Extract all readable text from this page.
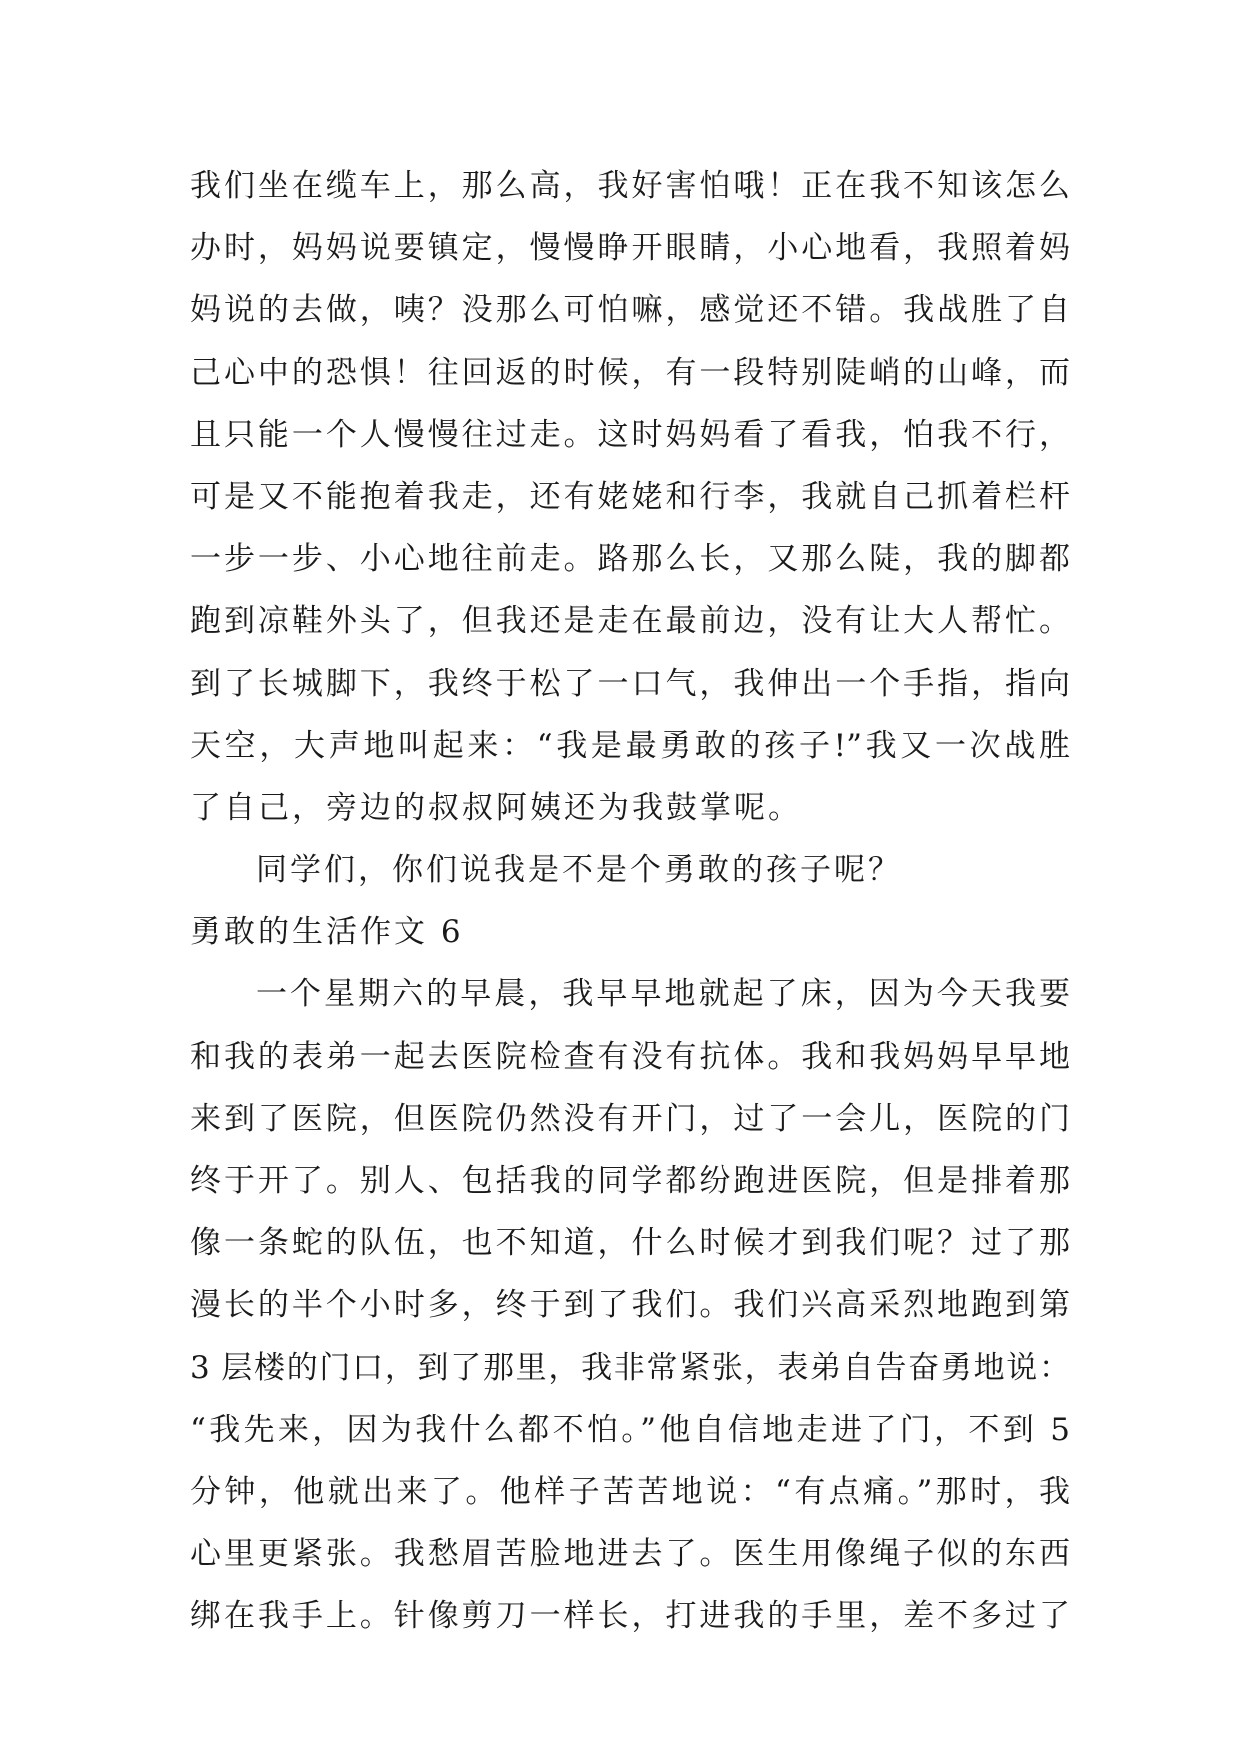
我们坐在缆车上，那么高，我好害怕哦！正在我不知该怎么
办时，妈妈说要镇定，慢慢睁开眼睛，小心地看，我照着妈
妈说的去做，咦？没那么可怕嘛，感觉还不错。我战胜了自
己心中的恐惧！往回返的时候，有一段特别陡峭的山峰，而
且只能一个人慢慢往过走。这时妈妈看了看我，怕我不行，
可是又不能抱着我走，还有姥姥和行李，我就自己抓着栏杆
一步一步、小心地往前走。路那么长，又那么陡，我的脚都
跑到凉鞋外头了，但我还是走在最前边，没有让大人帮忙。
到了长城脚下，我终于松了一口气，我伸出一个手指，指向
天空，大声地叫起来：“我是最勇敢的孩子!”我又一次战胜
了自己，旁边的叔叔阿姨还为我鼓掌呢。
同学们，你们说我是不是个勇敢的孩子呢？
勇敢的生活作文 6
一个星期六的早晨，我早早地就起了床，因为今天我要
和我的表弟一起去医院检查有没有抗体。我和我妈妈早早地
来到了医院，但医院仍然没有开门，过了一会儿，医院的门
终于开了。别人、包括我的同学都纷跑进医院，但是排着那
像一条蛇的队伍，也不知道，什么时候才到我们呢？过了那
漫长的半个小时多，终于到了我们。我们兴高采烈地跑到第
3 层楼的门口，到了那里，我非常紧张，表弟自告奋勇地说：
“我先来，因为我什么都不怕。”他自信地走进了门，不到 5
分钟，他就出来了。他样子苦苦地说：“有点痛。”那时，我
心里更紧张。我愁眉苦脸地进去了。医生用像绳子似的东西
绑在我手上。针像剪刀一样长，打进我的手里，差不多过了
